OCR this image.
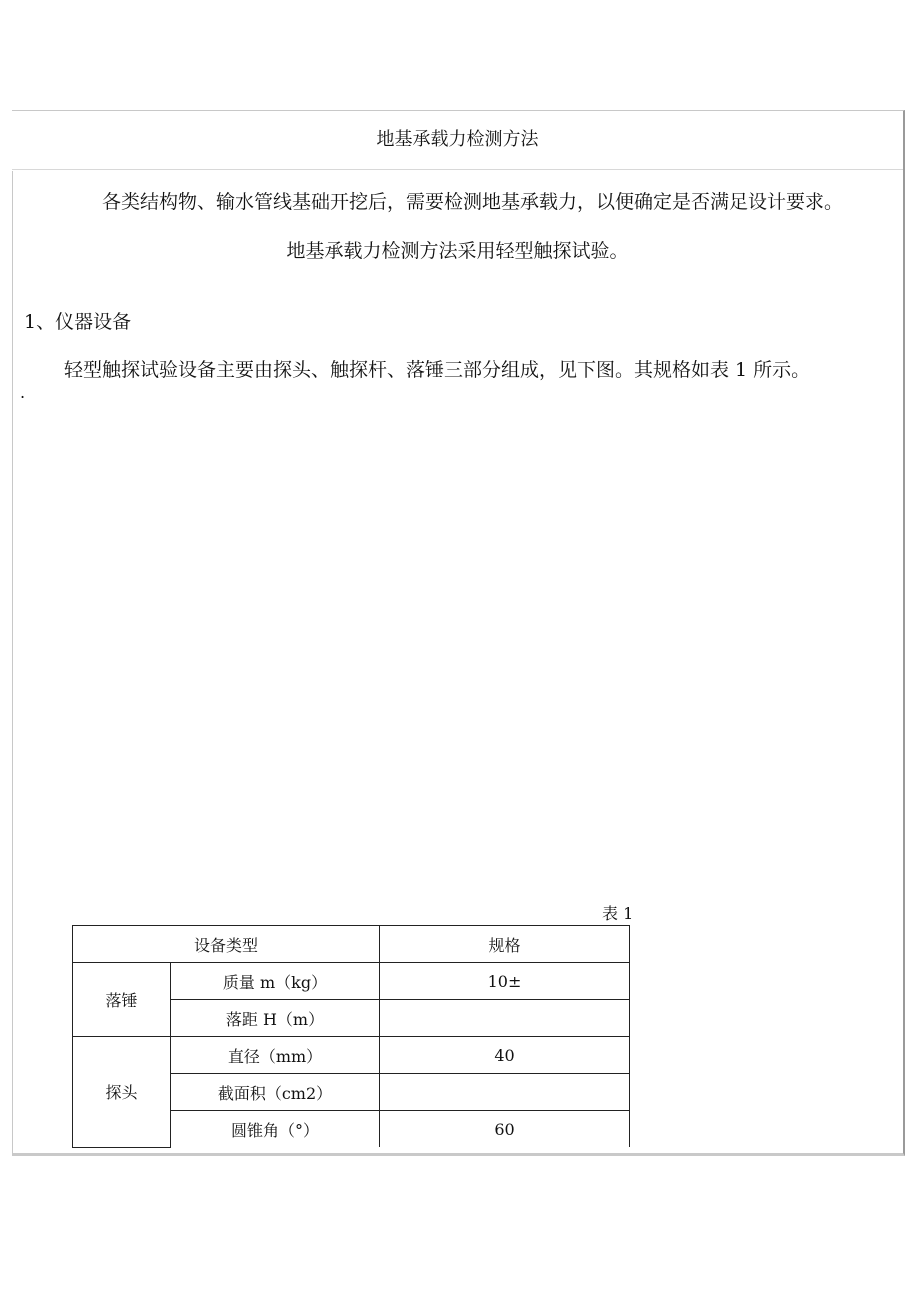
地基承载力检测方法
各类结构物、输水管线基础开挖后，需要检测地基承载力，以便确定是否满足设计要求。
地基承载力检测方法采用轻型触探试验。
1、仪器设备
轻型触探试验设备主要由探头、触探杆、落锤三部分组成，见下图。其规格如表 1 所示。
.
表 1
设备类型		规格
落锤	质量 m（kg）	10±
	落距 H（m）	
探头	直径（mm）	40
	截面积（cm2）	
	圆锥角（°）	60
